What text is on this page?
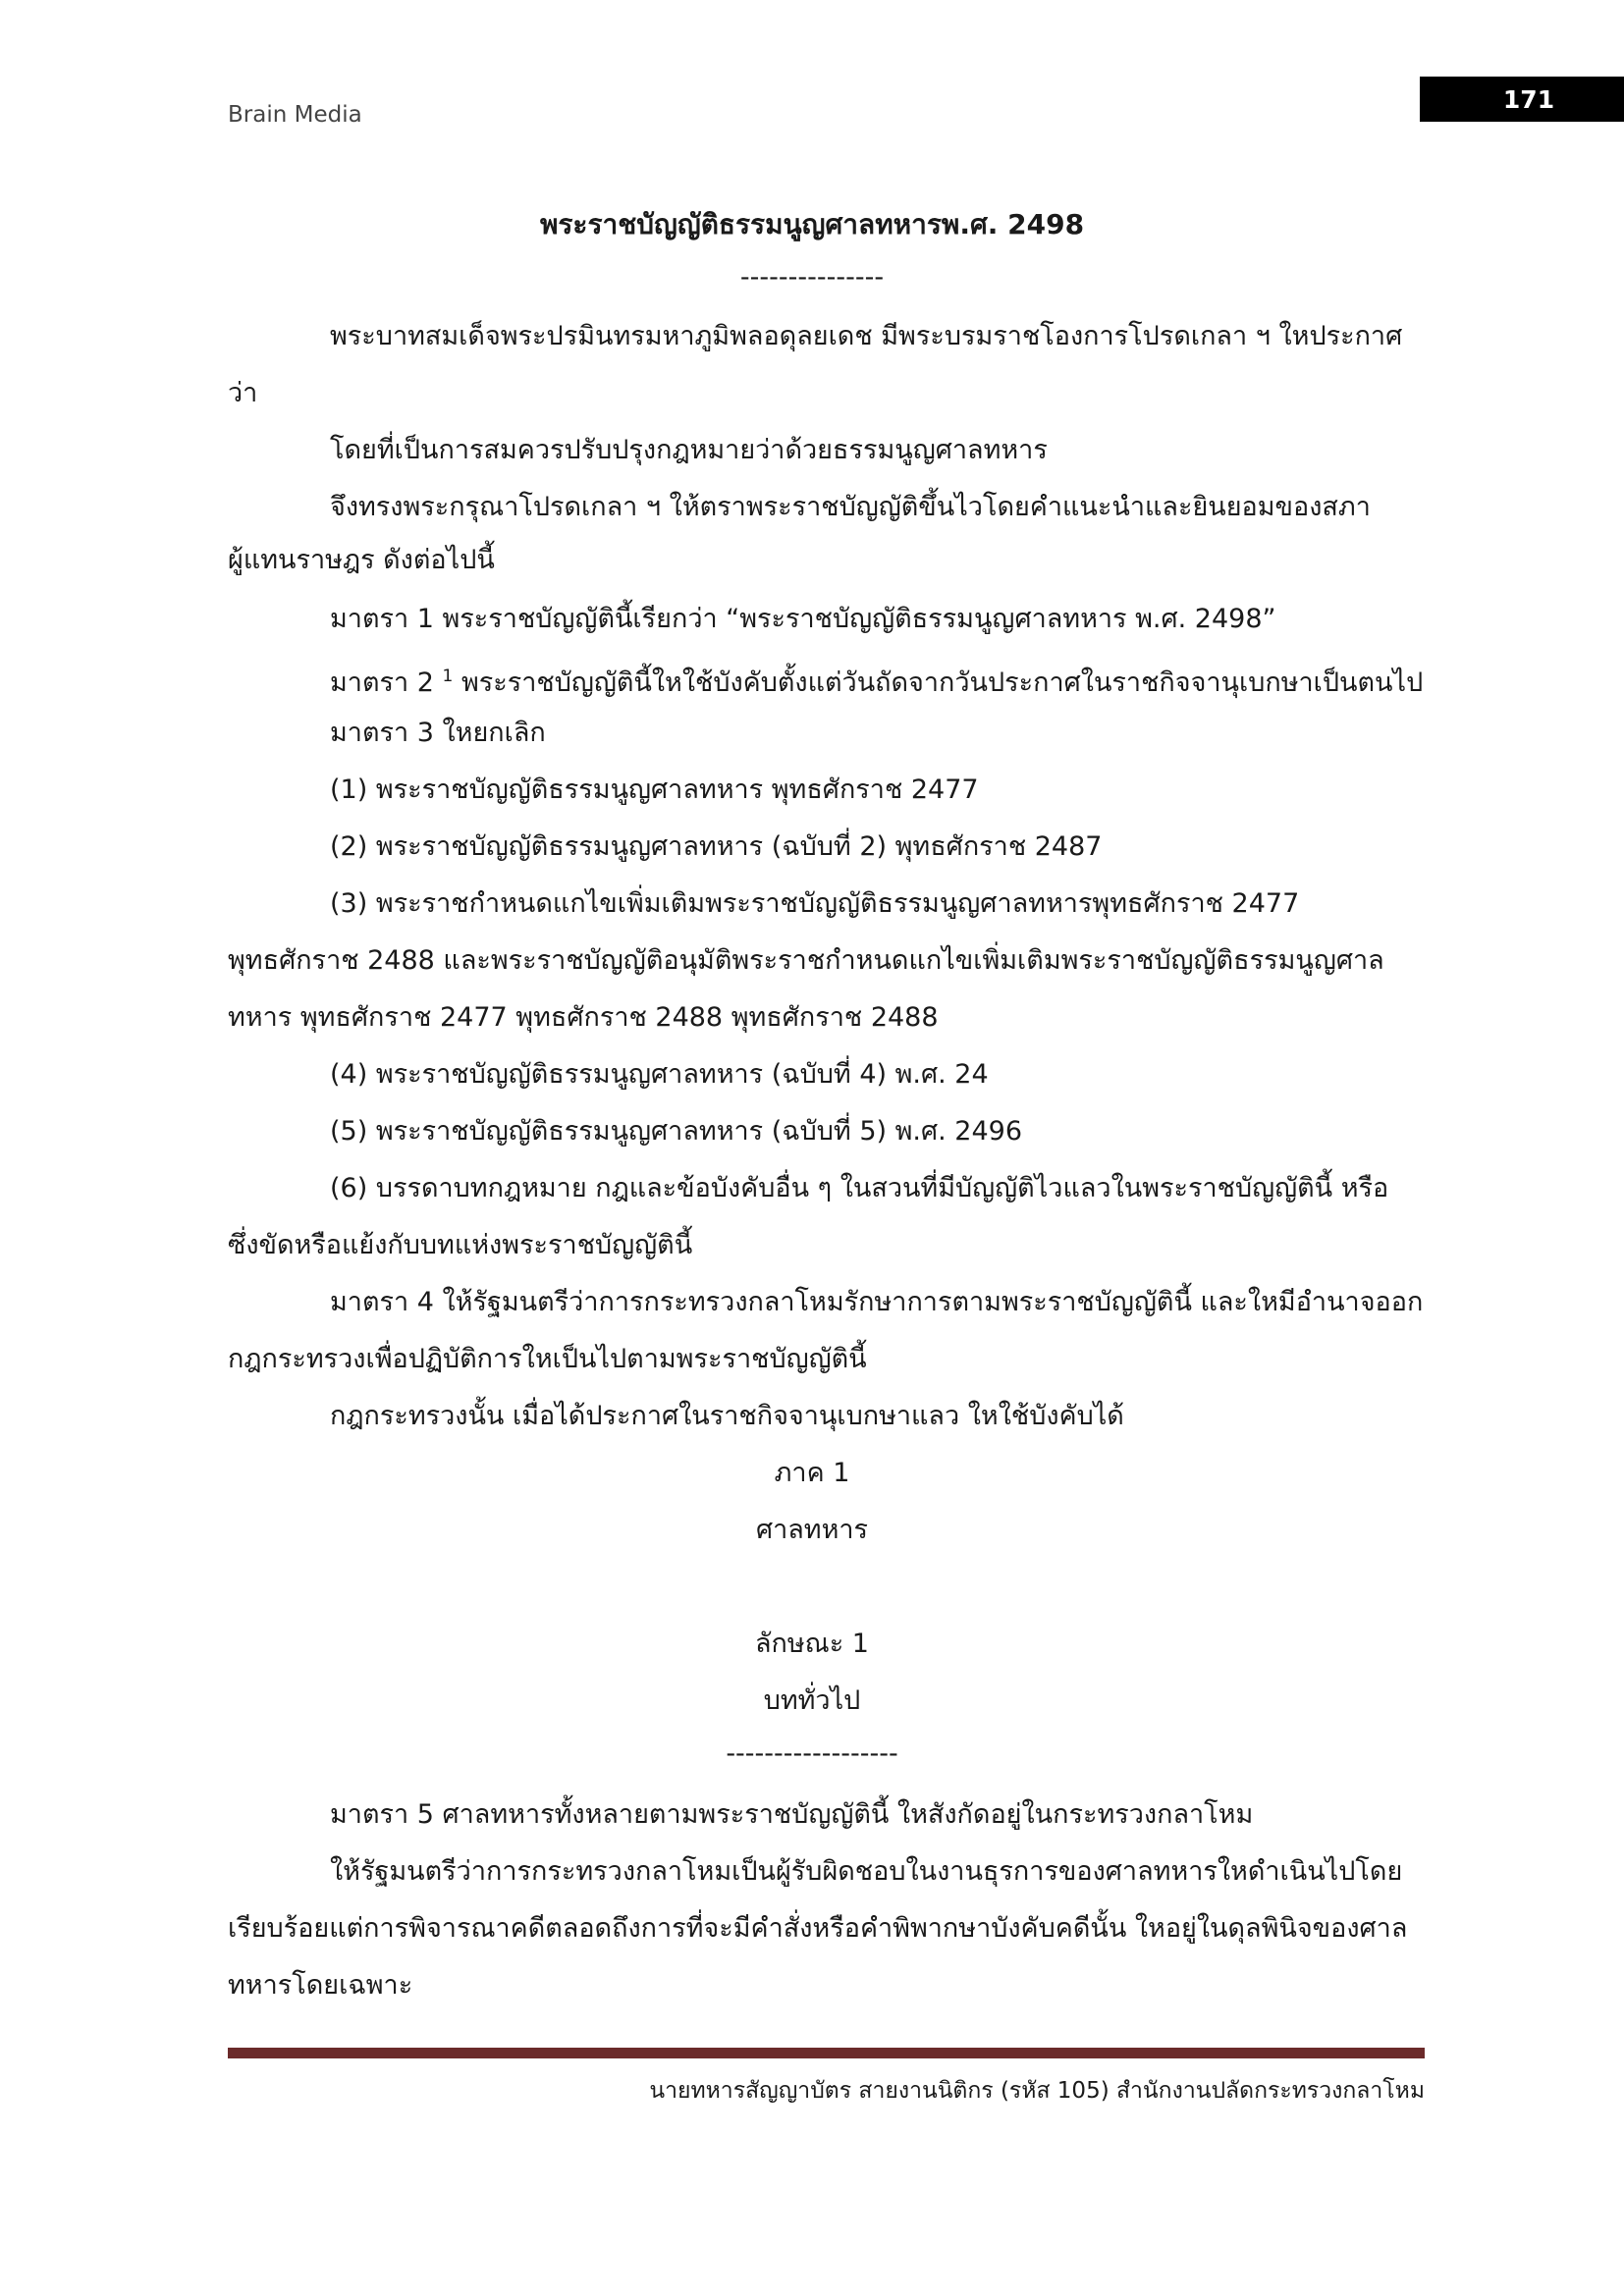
Brain Media
171
พระราชบัญญัติธรรมนูญศาลทหารพ.ศ. 2498
---------------
พระบาทสมเด็จพระปรมินทรมหาภูมิพลอดุลยเดช มีพระบรมราชโองการโปรดเกลา ฯ ใหประกาศ
ว่า
โดยที่เป็นการสมควรปรับปรุงกฎหมายว่าด้วยธรรมนูญศาลทหาร
จึงทรงพระกรุณาโปรดเกลา ฯ ให้ตราพระราชบัญญัติขึ้นไวโดยคำแนะนำและยินยอมของสภา
ผู้แทนราษฎร ดังต่อไปนี้
มาตรา 1 พระราชบัญญัตินี้เรียกว่า “พระราชบัญญัติธรรมนูญศาลทหาร พ.ศ. 2498”
มาตรา 2 $^1$ พระราชบัญญัตินี้ใหใช้บังคับตั้งแต่วันถัดจากวันประกาศในราชกิจจานุเบกษาเป็นตนไป
มาตรา 3 ใหยกเลิก
(1) พระราชบัญญัติธรรมนูญศาลทหาร พุทธศักราช 2477
(2) พระราชบัญญัติธรรมนูญศาลทหาร (ฉบับที่ 2) พุทธศักราช 2487
(3) พระราชกำหนดแกไขเพิ่มเติมพระราชบัญญัติธรรมนูญศาลทหารพุทธศักราช 2477
พุทธศักราช 2488 และพระราชบัญญัติอนุมัติพระราชกำหนดแกไขเพิ่มเติมพระราชบัญญัติธรรมนูญศาล
ทหาร พุทธศักราช 2477 พุทธศักราช 2488 พุทธศักราช 2488
(4) พระราชบัญญัติธรรมนูญศาลทหาร (ฉบับที่ 4) พ.ศ. 24
(5) พระราชบัญญัติธรรมนูญศาลทหาร (ฉบับที่ 5) พ.ศ. 2496
(6) บรรดาบทกฎหมาย กฎและข้อบังคับอื่น ๆ ในสวนที่มีบัญญัติไวแลวในพระราชบัญญัตินี้ หรือ
ซึ่งขัดหรือแย้งกับบทแห่งพระราชบัญญัตินี้
มาตรา 4 ให้รัฐมนตรีว่าการกระทรวงกลาโหมรักษาการตามพระราชบัญญัตินี้ และใหมีอำนาจออก
กฎกระทรวงเพื่อปฏิบัติการใหเป็นไปตามพระราชบัญญัตินี้
กฎกระทรวงนั้น เมื่อได้ประกาศในราชกิจจานุเบกษาแลว ใหใช้บังคับได้
ภาค 1
ศาลทหาร
ลักษณะ 1
บททั่วไป
------------------
มาตรา 5 ศาลทหารทั้งหลายตามพระราชบัญญัตินี้ ใหสังกัดอยู่ในกระทรวงกลาโหม
ให้รัฐมนตรีว่าการกระทรวงกลาโหมเป็นผู้รับผิดชอบในงานธุรการของศาลทหารใหดำเนินไปโดย
เรียบร้อยแต่การพิจารณาคดีตลอดถึงการที่จะมีคำสั่งหรือคำพิพากษาบังคับคดีนั้น ใหอยู่ในดุลพินิจของศาล
ทหารโดยเฉพาะ
นายทหารสัญญาบัตร สายงานนิติกร (รหัส 105) สำนักงานปลัดกระทรวงกลาโหม
